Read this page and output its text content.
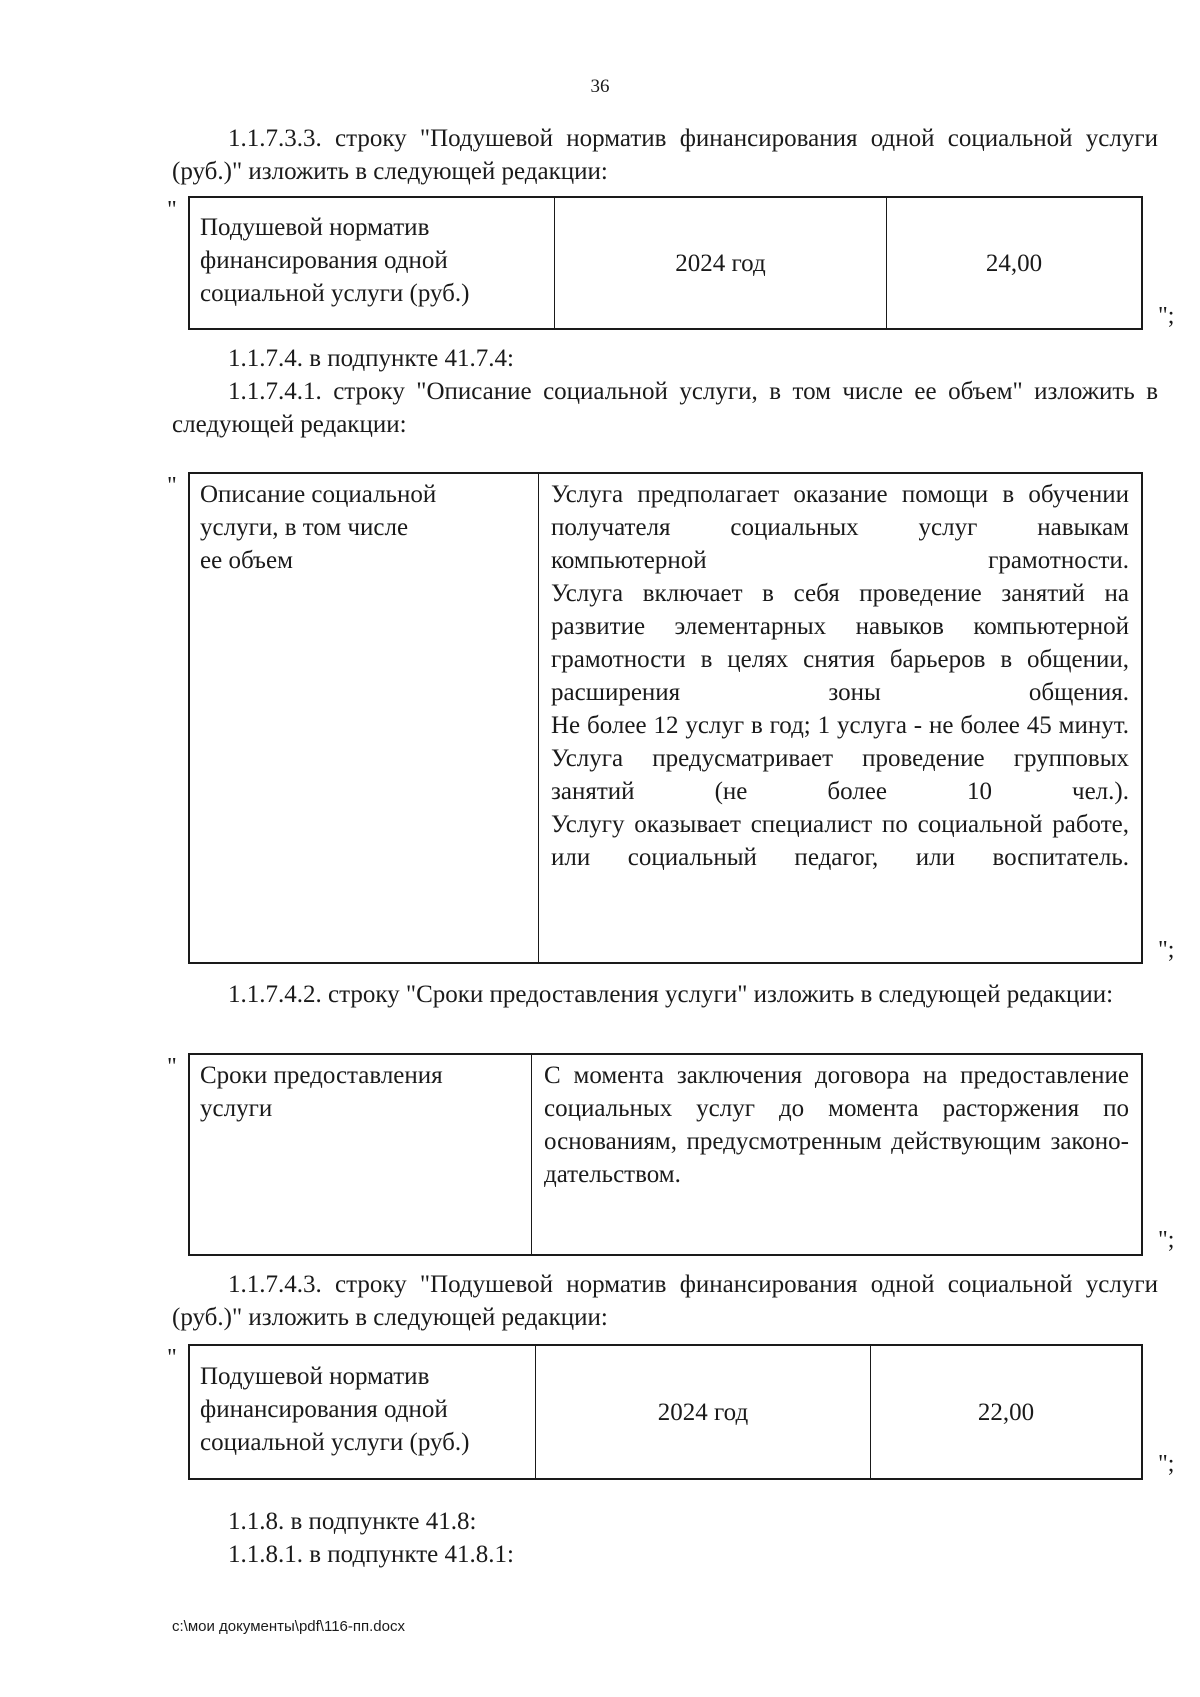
36
1.1.7.3.3. строку "Подушевой норматив финансирования одной социальной услуги (руб.)" изложить в следующей редакции:
"
Подушевой норматив финансирования одной социальной услуги (руб.)
2024 год	24,00
";
1.1.7.4. в подпункте 41.7.4:
1.1.7.4.1. строку "Описание социальной услуги, в том числе ее объем" изложить в следующей редакции:
" Описание социальной
услуги, в том числе
ее объем
Услуга предполагает оказание помощи в обучении получателя социальных услуг навыкам компьютерной грамотности.
Услуга включает в себя проведение занятий на развитие элементарных навыков компьютерной грамотности в целях снятия барьеров в общении, расширения зоны общения.
Не более 12 услуг в год; 1 услуга - не более 45 минут.
Услуга предусматривает проведение групповых занятий (не более 10 чел.).
Услугу оказывает специалист по социальной работе, или социальный педагог, или воспитатель.
";
1.1.7.4.2. строку "Сроки предоставления услуги" изложить в следующей редакции:
" Сроки предоставления
услуги
С момента заключения договора на предоставление социальных услуг до момента расторжения по основаниям, предусмотренным действующим законо-дательством.
";
1.1.7.4.3. строку "Подушевой норматив финансирования одной социальной услуги (руб.)" изложить в следующей редакции:
"
Подушевой норматив финансирования одной социальной услуги (руб.)
2024 год	22,00
";
1.1.8. в подпункте 41.8:
1.1.8.1. в подпункте 41.8.1:
c:\мои документы\pdf\116-пп.docx
